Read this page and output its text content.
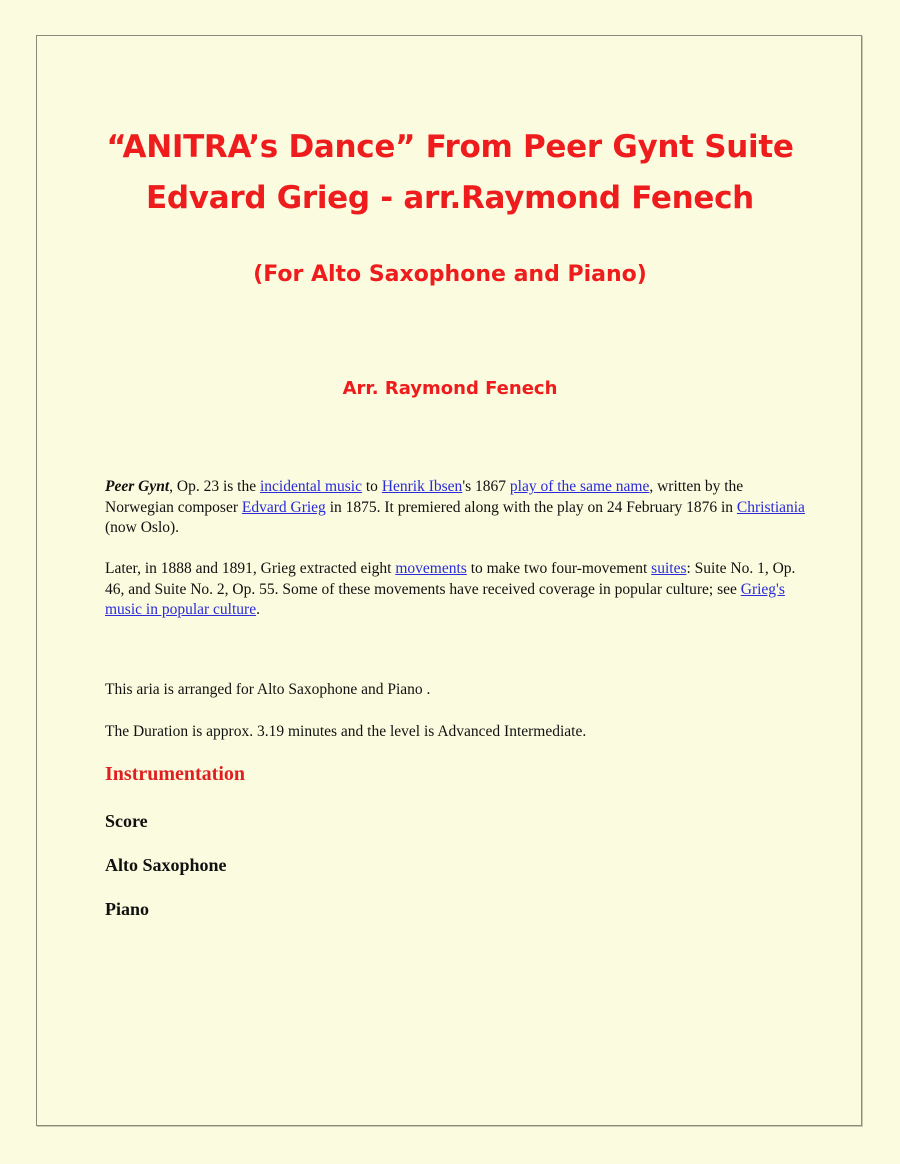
“ANITRA’s Dance” From Peer Gynt Suite
Edvard Grieg - arr.Raymond Fenech
(For Alto Saxophone and Piano)
Arr. Raymond Fenech

Peer Gynt, Op. 23 is the incidental music to Henrik Ibsen's 1867 play of the same name, written by the Norwegian composer Edvard Grieg in 1875. It premiered along with the play on 24 February 1876 in Christiania (now Oslo).

Later, in 1888 and 1891, Grieg extracted eight movements to make two four-movement suites: Suite No. 1, Op. 46, and Suite No. 2, Op. 55. Some of these movements have received coverage in popular culture; see Grieg's music in popular culture.

This aria is arranged for Alto Saxophone and Piano .

The Duration is approx. 3.19 minutes and the level is Advanced Intermediate.

Instrumentation

Score

Alto Saxophone

Piano
